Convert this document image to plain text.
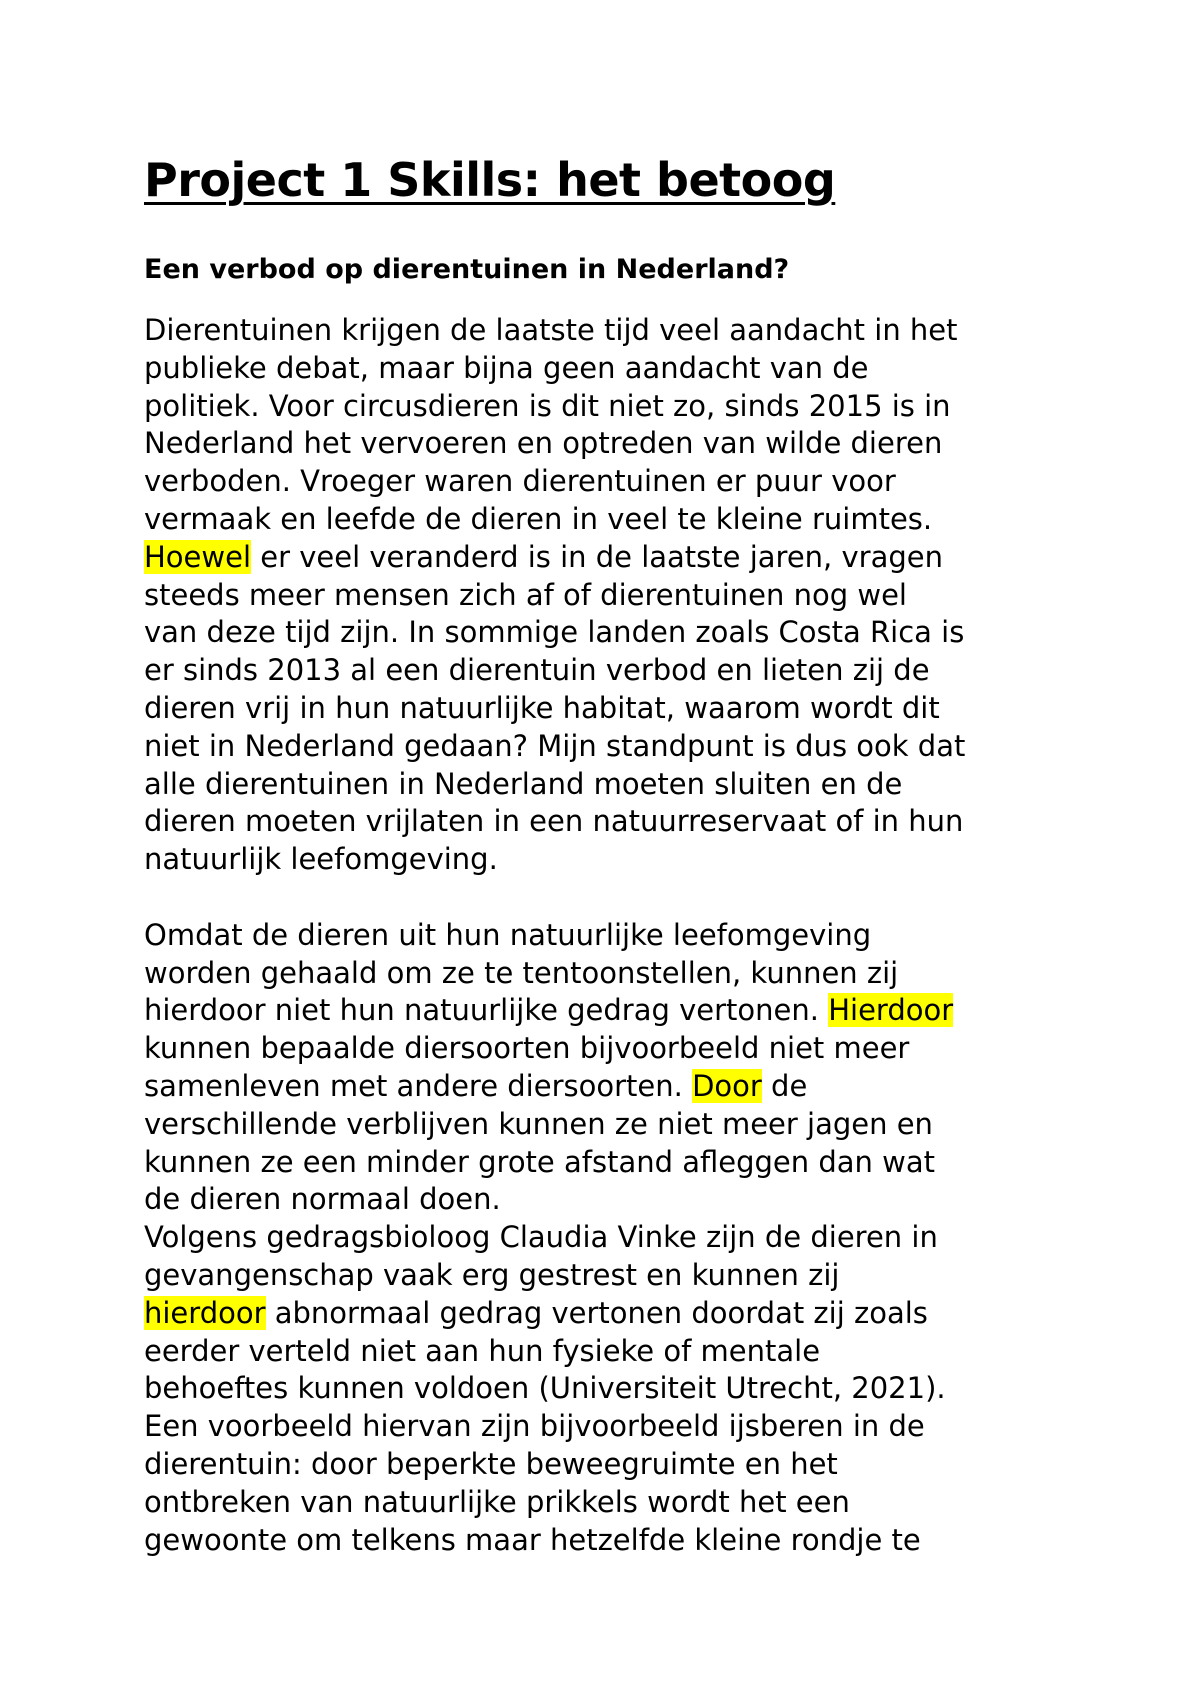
Project 1 Skills: het betoog
Een verbod op dierentuinen in Nederland?
Dierentuinen krijgen de laatste tijd veel aandacht in het
publieke debat, maar bijna geen aandacht van de
politiek. Voor circusdieren is dit niet zo, sinds 2015 is in
Nederland het vervoeren en optreden van wilde dieren
verboden. Vroeger waren dierentuinen er puur voor
vermaak en leefde de dieren in veel te kleine ruimtes.
Hoewel er veel veranderd is in de laatste jaren, vragen
steeds meer mensen zich af of dierentuinen nog wel
van deze tijd zijn. In sommige landen zoals Costa Rica is
er sinds 2013 al een dierentuin verbod en lieten zij de
dieren vrij in hun natuurlijke habitat, waarom wordt dit
niet in Nederland gedaan? Mijn standpunt is dus ook dat
alle dierentuinen in Nederland moeten sluiten en de
dieren moeten vrijlaten in een natuurreservaat of in hun
natuurlijk leefomgeving.
Omdat de dieren uit hun natuurlijke leefomgeving
worden gehaald om ze te tentoonstellen, kunnen zij
hierdoor niet hun natuurlijke gedrag vertonen. Hierdoor
kunnen bepaalde diersoorten bijvoorbeeld niet meer
samenleven met andere diersoorten. Door de
verschillende verblijven kunnen ze niet meer jagen en
kunnen ze een minder grote afstand afleggen dan wat
de dieren normaal doen.
Volgens gedragsbioloog Claudia Vinke zijn de dieren in
gevangenschap vaak erg gestrest en kunnen zij
hierdoor abnormaal gedrag vertonen doordat zij zoals
eerder verteld niet aan hun fysieke of mentale
behoeftes kunnen voldoen (Universiteit Utrecht, 2021).
Een voorbeeld hiervan zijn bijvoorbeeld ijsberen in de
dierentuin: door beperkte beweegruimte en het
ontbreken van natuurlijke prikkels wordt het een
gewoonte om telkens maar hetzelfde kleine rondje te
